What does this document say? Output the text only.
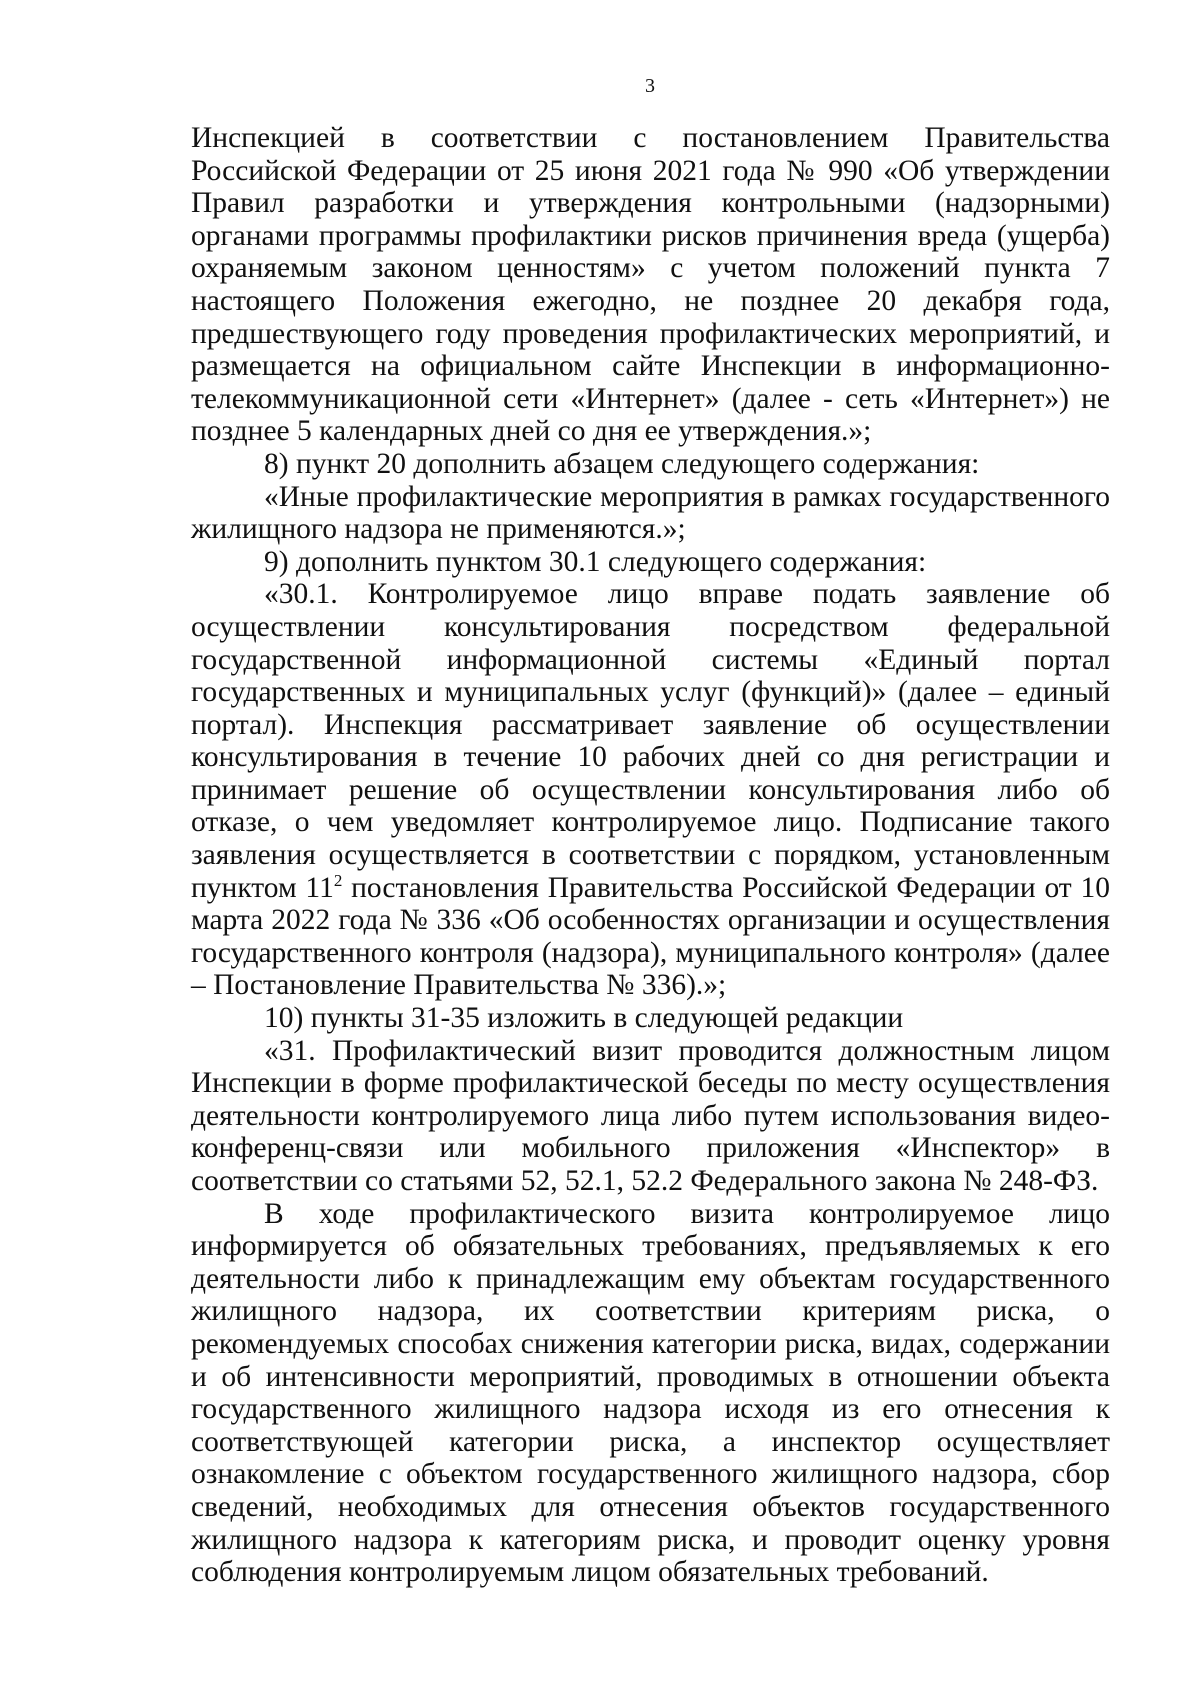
3

Инспекцией в соответствии с постановлением Правительства Российской Федерации от 25 июня 2021 года № 990 «Об утверждении Правил разработки и утверждения контрольными (надзорными) органами программы профилактики рисков причинения вреда (ущерба) охраняемым законом ценностям» с учетом положений пункта 7 настоящего Положения ежегодно, не позднее 20 декабря года, предшествующего году проведения профилактических мероприятий, и размещается на официальном сайте Инспекции в информационно-телекоммуникационной сети «Интернет» (далее - сеть «Интернет») не позднее 5 календарных дней со дня ее утверждения.»;

8) пункт 20 дополнить абзацем следующего содержания:

«Иные профилактические мероприятия в рамках государственного жилищного надзора не применяются.»;

9) дополнить пунктом 30.1 следующего содержания:

«30.1. Контролируемое лицо вправе подать заявление об осуществлении консультирования посредством федеральной государственной информационной системы «Единый портал государственных и муниципальных услуг (функций)» (далее – единый портал). Инспекция рассматривает заявление об осуществлении консультирования в течение 10 рабочих дней со дня регистрации и принимает решение об осуществлении консультирования либо об отказе, о чем уведомляет контролируемое лицо. Подписание такого заявления осуществляется в соответствии с порядком, установленным пунктом $11^2$ постановления Правительства Российской Федерации от 10 марта 2022 года № 336 «Об особенностях организации и осуществления государственного контроля (надзора), муниципального контроля» (далее – Постановление Правительства № 336).»;

10) пункты 31-35 изложить в следующей редакции

«31. Профилактический визит проводится должностным лицом Инспекции в форме профилактической беседы по месту осуществления деятельности контролируемого лица либо путем использования видео-конференц-связи или мобильного приложения «Инспектор» в соответствии со статьями 52, 52.1, 52.2 Федерального закона № 248-ФЗ.

В ходе профилактического визита контролируемое лицо информируется об обязательных требованиях, предъявляемых к его деятельности либо к принадлежащим ему объектам государственного жилищного надзора, их соответствии критериям риска, о рекомендуемых способах снижения категории риска, видах, содержании и об интенсивности мероприятий, проводимых в отношении объекта государственного жилищного надзора исходя из его отнесения к соответствующей категории риска, а инспектор осуществляет ознакомление с объектом государственного жилищного надзора, сбор сведений, необходимых для отнесения объектов государственного жилищного надзора к категориям риска, и проводит оценку уровня соблюдения контролируемым лицом обязательных требований.
